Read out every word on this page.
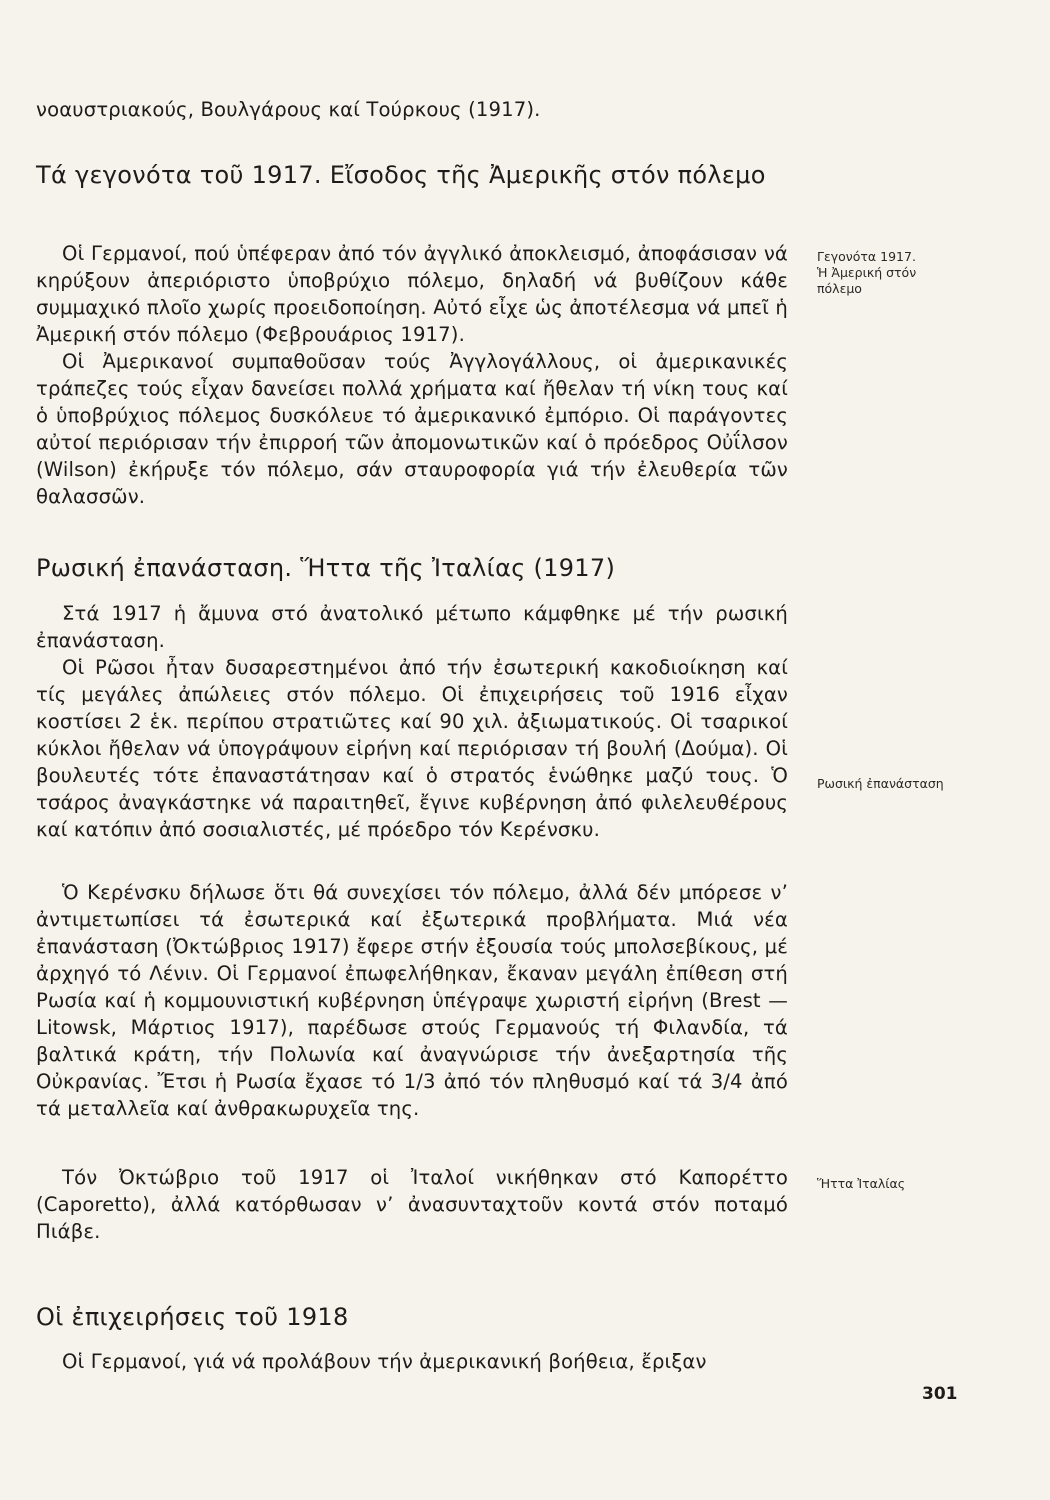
νοαυστριακούς, Βουλγάρους καί Τούρκους (1917).

Τά γεγονότα τοῦ 1917. Εἴσοδος τῆς Ἀμερικῆς στόν πόλεμο

Οἱ Γερμανοί, πού ὑπέφεραν ἀπό τόν ἀγγλικό ἀποκλεισμό, ἀποφάσισαν νά κηρύξουν ἀπεριόριστο ὑποβρύχιο πόλεμο, δηλαδή νά βυθίζουν κάθε συμμαχικό πλοῖο χωρίς προειδοποίηση. Αὐτό εἶχε ὡς ἀποτέλεσμα νά μπεῖ ἡ Ἀμερική στόν πόλεμο (Φεβρουάριος 1917).

Οἱ Ἀμερικανοί συμπαθοῦσαν τούς Ἀγγλογάλλους, οἱ ἀμερικανικές τράπεζες τούς εἶχαν δανείσει πολλά χρήματα καί ἤθελαν τή νίκη τους καί ὁ ὑποβρύχιος πόλεμος δυσκόλευε τό ἀμερικανικό ἐμπόριο. Οἱ παράγοντες αὐτοί περιόρισαν τήν ἐπιρροή τῶν ἀπομονωτικῶν καί ὁ πρόεδρος Οὐΐλσον (Wilson) ἐκήρυξε τόν πόλεμο, σάν σταυροφορία γιά τήν ἐλευθερία τῶν θαλασσῶν.

Ρωσική ἐπανάσταση. Ἥττα τῆς Ἰταλίας (1917)

Στά 1917 ἡ ἄμυνα στό ἀνατολικό μέτωπο κάμφθηκε μέ τήν ρωσική ἐπανάσταση.

Οἱ Ρῶσοι ἦταν δυσαρεστημένοι ἀπό τήν ἐσωτερική κακοδιοίκηση καί τίς μεγάλες ἀπώλειες στόν πόλεμο. Οἱ ἐπιχειρήσεις τοῦ 1916 εἶχαν κοστίσει 2 ἑκ. περίπου στρατιῶτες καί 90 χιλ. ἀξιωματικούς. Οἱ τσαρικοί κύκλοι ἤθελαν νά ὑπογράψουν εἰρήνη καί περιόρισαν τή βουλή (Δούμα). Οἱ βουλευτές τότε ἐπαναστάτησαν καί ὁ στρατός ἑνώθηκε μαζύ τους. Ὁ τσάρος ἀναγκάστηκε νά παραιτηθεῖ, ἔγινε κυβέρνηση ἀπό φιλελευθέρους καί κατόπιν ἀπό σοσιαλιστές, μέ πρόεδρο τόν Κερένσκυ.

Ὁ Κερένσκυ δήλωσε ὅτι θά συνεχίσει τόν πόλεμο, ἀλλά δέν μπόρεσε ν’ ἀντιμετωπίσει τά ἐσωτερικά καί ἐξωτερικά προβλήματα. Μιά νέα ἐπανάσταση (Ὀκτώβριος 1917) ἔφερε στήν ἐξουσία τούς μπολσεβίκους, μέ ἀρχηγό τό Λένιν. Οἱ Γερμανοί ἐπωφελήθηκαν, ἔκαναν μεγάλη ἐπίθεση στή Ρωσία καί ἡ κομμουνιστική κυβέρνηση ὑπέγραψε χωριστή εἰρήνη (Brest — Litowsk, Μάρτιος 1917), παρέδωσε στούς Γερμανούς τή Φιλανδία, τά βαλτικά κράτη, τήν Πολωνία καί ἀναγνώρισε τήν ἀνεξαρτησία τῆς Οὐκρανίας. Ἔτσι ἡ Ρωσία ἔχασε τό 1/3 ἀπό τόν πληθυσμό καί τά 3/4 ἀπό τά μεταλλεῖα καί ἀνθρακωρυχεῖα της.

Τόν Ὀκτώβριο τοῦ 1917 οἱ Ἰταλοί νικήθηκαν στό Καπορέττο (Caporetto), ἀλλά κατόρθωσαν ν’ ἀνασυνταχτοῦν κοντά στόν ποταμό Πιάβε.

Οἱ ἐπιχειρήσεις τοῦ 1918

Οἱ Γερμανοί, γιά νά προλάβουν τήν ἀμερικανική βοήθεια, ἔριξαν

Γεγονότα 1917. Ἡ Ἀμερική στόν πόλεμο
Ρωσική ἐπανάσταση
Ἥττα Ἰταλίας
301
